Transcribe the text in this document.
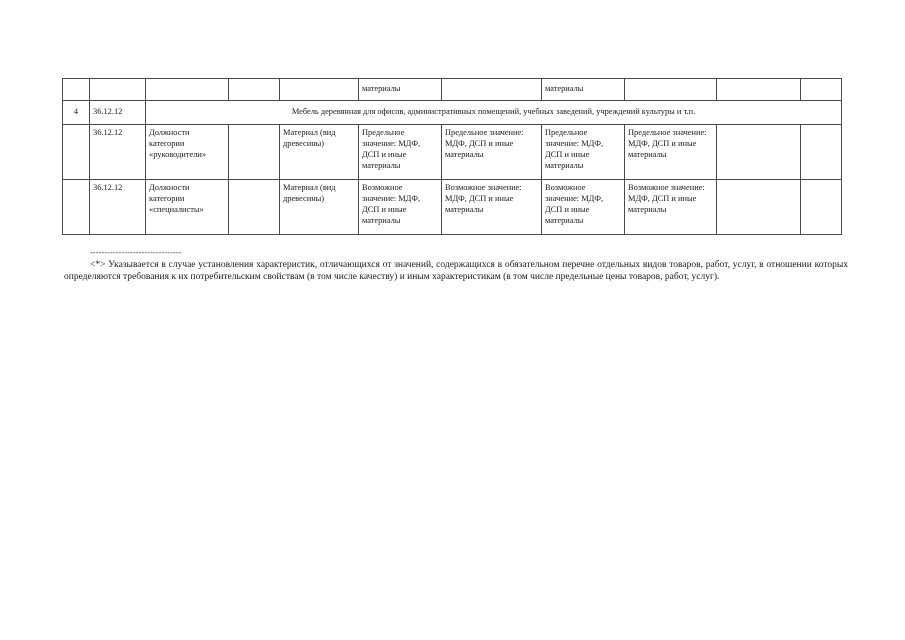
					материалы		материалы			
4	36.12.12	Мебель деревянная для офисов, административных помещений, учебных заведений, учреждений культуры и т.п.								
	36.12.12	Должности категории «руководители»		Материал (вид древесины)	Предельное значение: МДФ, ДСП и иные материалы	Предельное значение: МДФ, ДСП и иные материалы	Предельное значение: МДФ, ДСП и иные материалы	Предельное значение: МДФ, ДСП и иные материалы		
	36.12.12	Должности категории «специалисты»		Материал (вид древесины)	Возможное значение: МДФ, ДСП и иные материалы	Возможное значение: МДФ, ДСП и иные материалы	Возможное значение: МДФ, ДСП и иные материалы	Возможное значение: МДФ, ДСП и иные материалы		
--------------------------------
<*> Указывается в случае установления характеристик, отличающихся от значений, содержащихся в обязательном перечне отдельных видов товаров, работ, услуг, в отношении которых определяются требования к их потребительским свойствам (в том числе качеству) и иным характеристикам (в том числе предельные цены товаров, работ, услуг).
